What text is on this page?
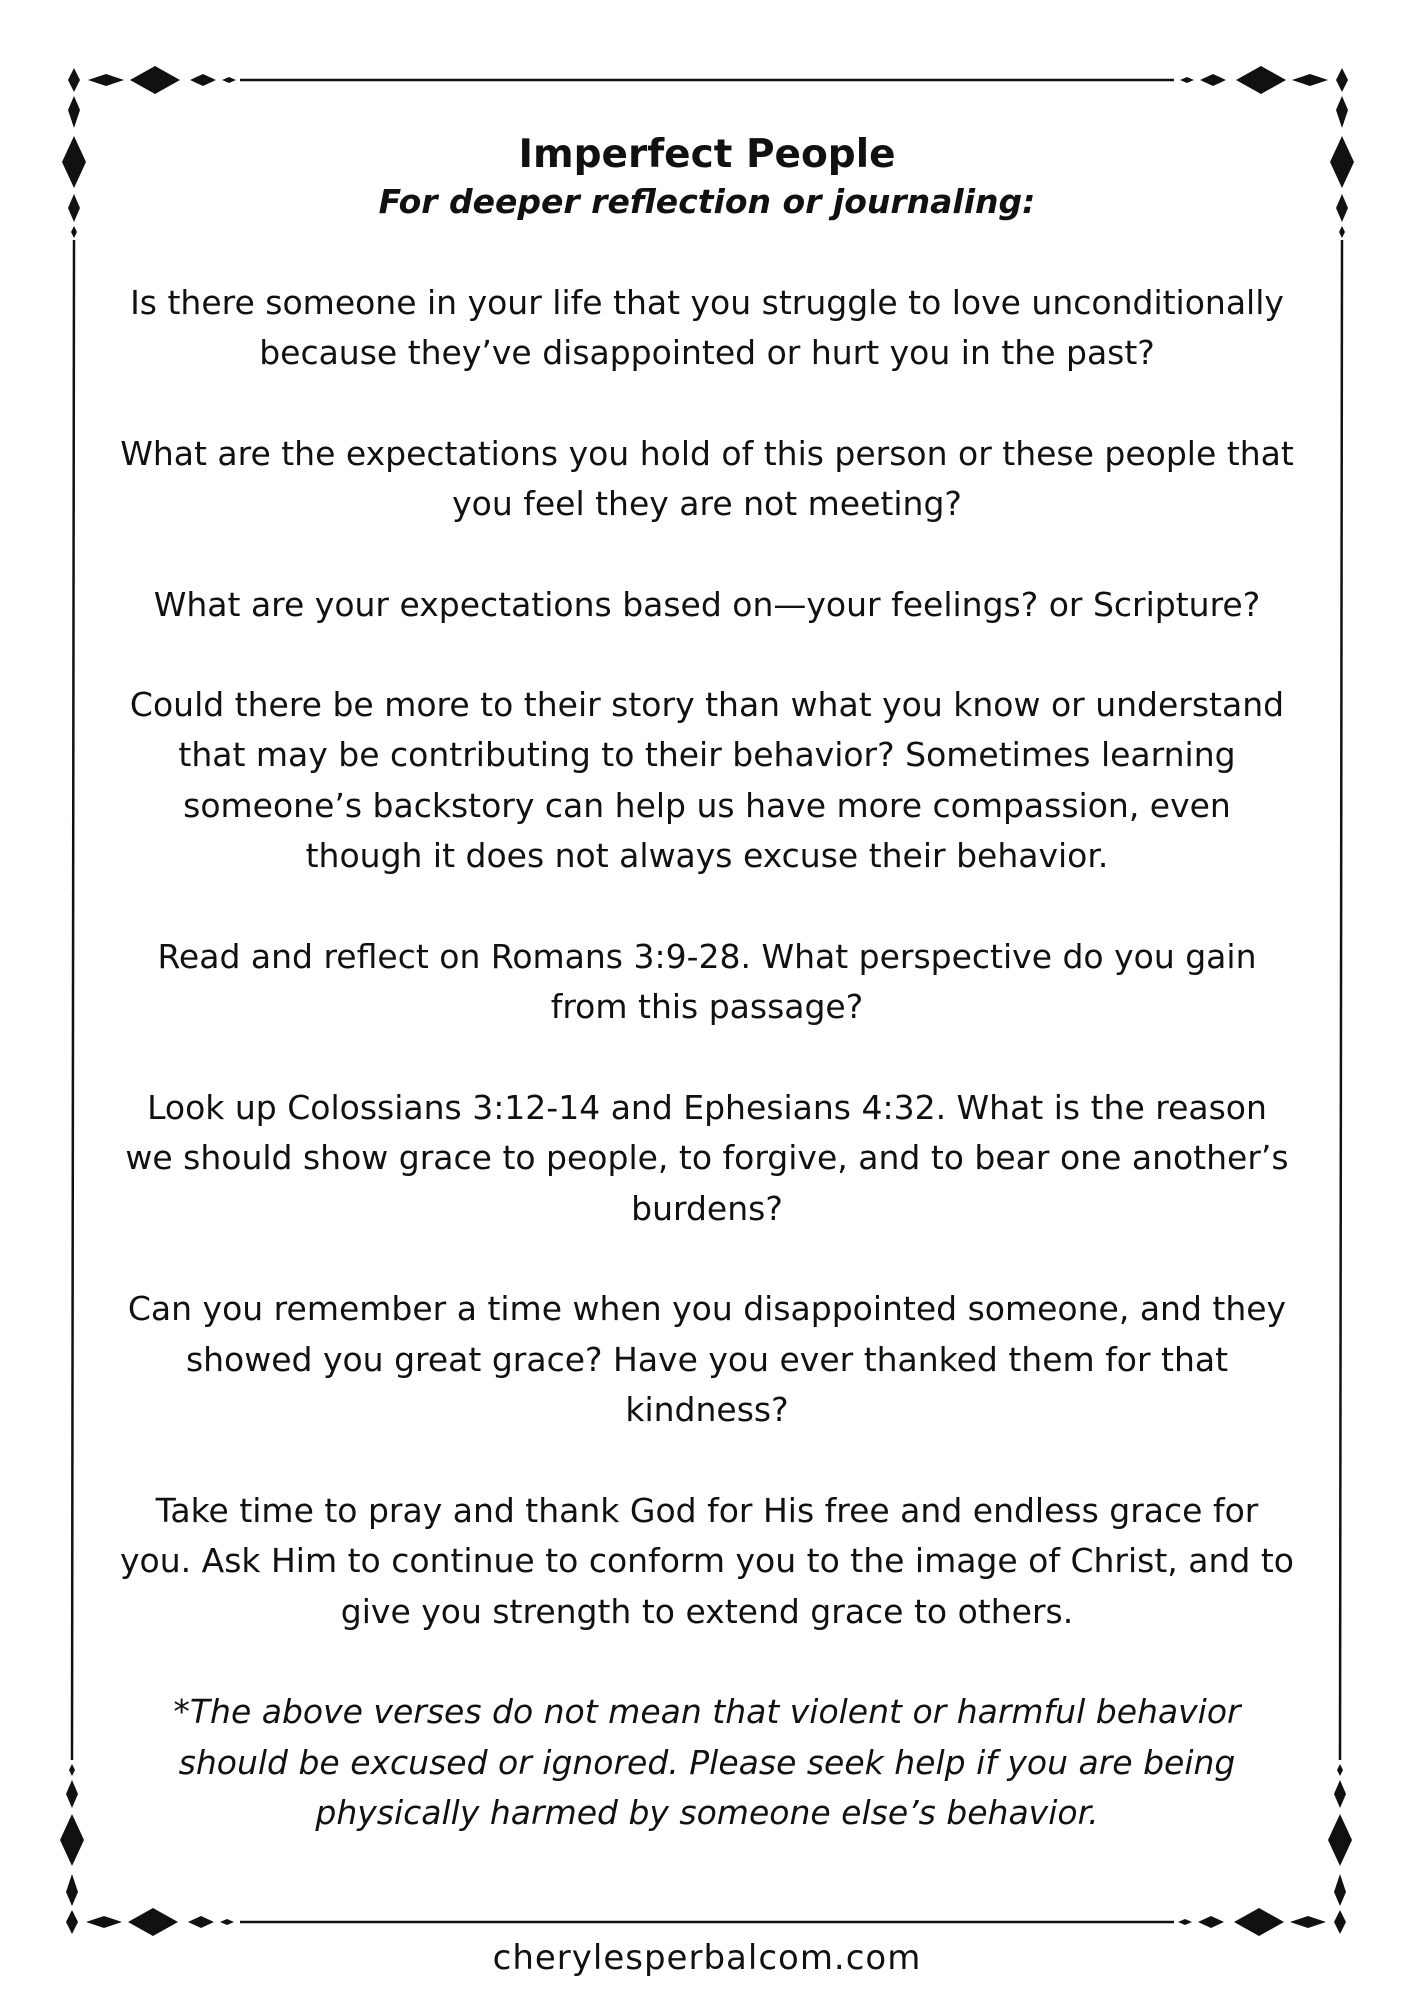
Imperfect People

For deeper reflection or journaling:

Is there someone in your life that you struggle to love unconditionally because they’ve disappointed or hurt you in the past?

What are the expectations you hold of this person or these people that you feel they are not meeting?

What are your expectations based on—your feelings? or Scripture?

Could there be more to their story than what you know or understand that may be contributing to their behavior? Sometimes learning someone’s backstory can help us have more compassion, even though it does not always excuse their behavior.

Read and reflect on Romans 3:9-28. What perspective do you gain from this passage?

Look up Colossians 3:12-14 and Ephesians 4:32. What is the reason we should show grace to people, to forgive, and to bear one another’s burdens?

Can you remember a time when you disappointed someone, and they showed you great grace? Have you ever thanked them for that kindness?

Take time to pray and thank God for His free and endless grace for you. Ask Him to continue to conform you to the image of Christ, and to give you strength to extend grace to others.

*The above verses do not mean that violent or harmful behavior should be excused or ignored. Please seek help if you are being physically harmed by someone else’s behavior.

cherylesperbalcom.com
